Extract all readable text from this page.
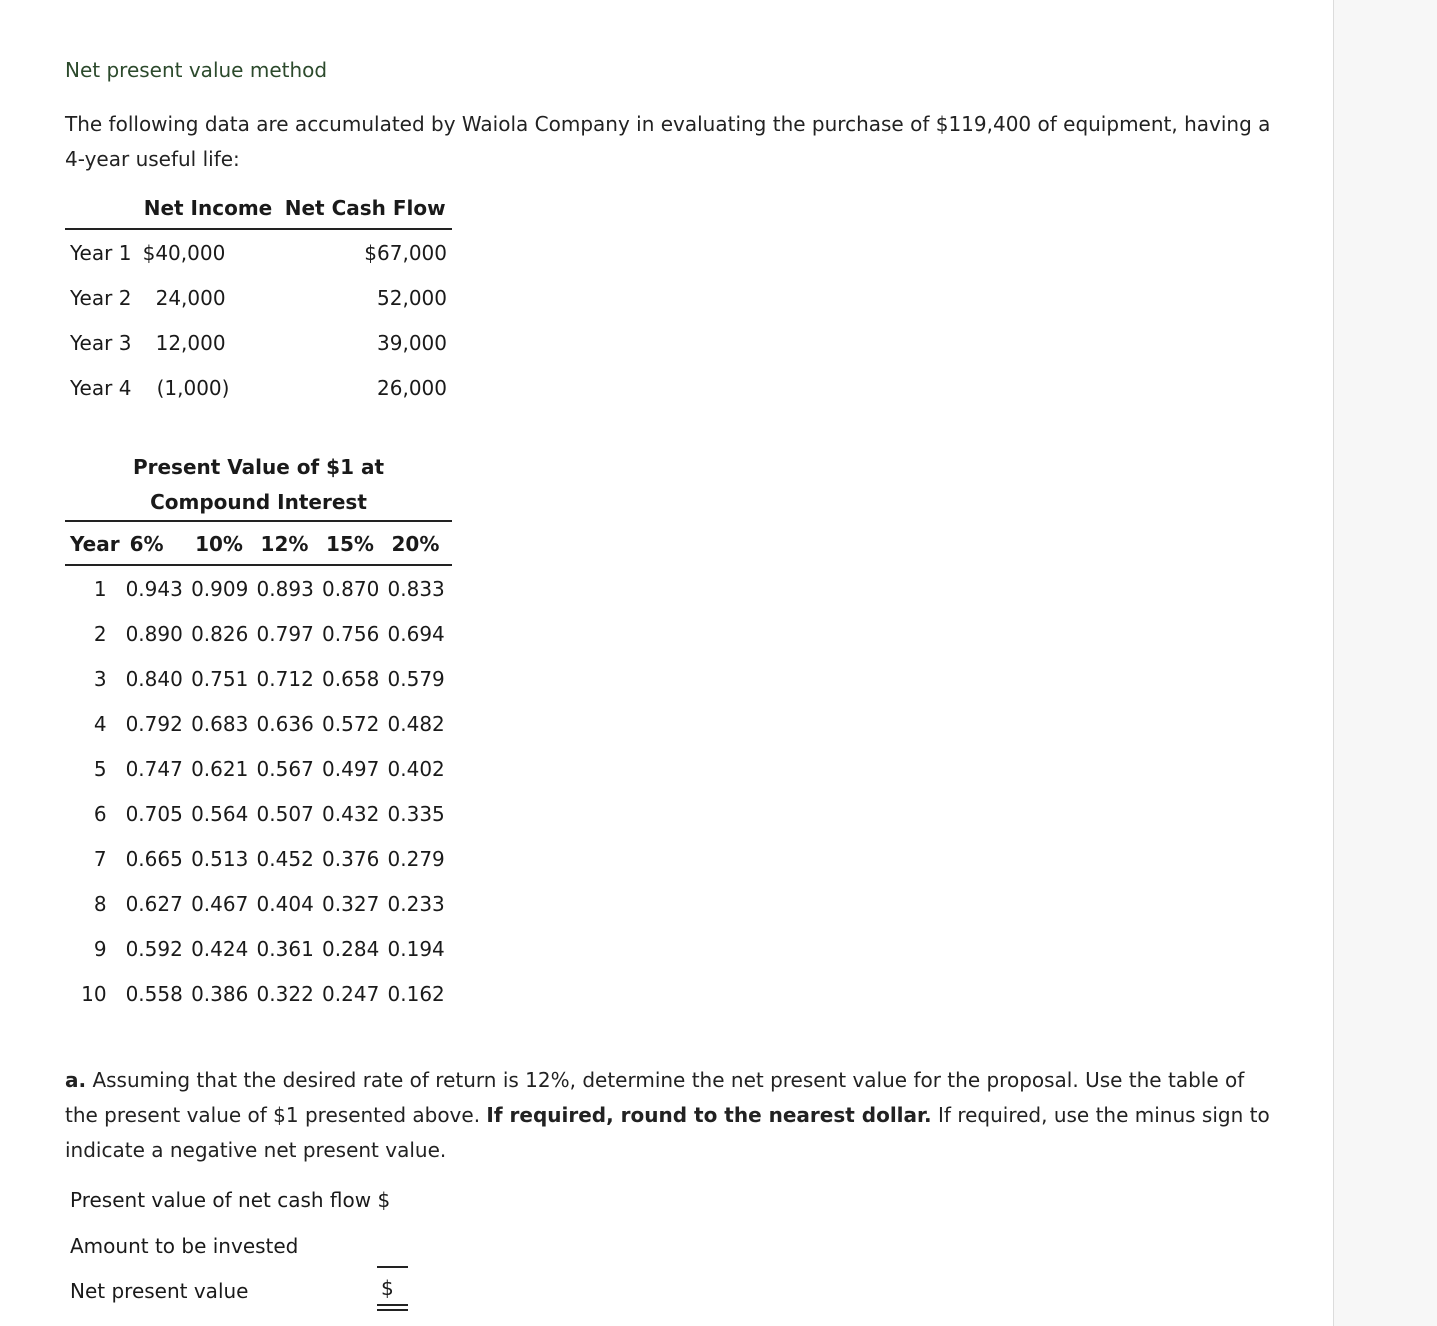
Net present value method
The following data are accumulated by Waiola Company in evaluating the purchase of $119,400 of equipment, having a 4-year useful life:
	Net Income	Net Cash Flow
Year 1	$40,000	$67,000
Year 2	24,000	52,000
Year 3	12,000	39,000
Year 4	(1,000)	26,000
Present Value of $1 at Compound Interest					
Year	6%	10%	12%	15%	20%
1	0.943	0.909	0.893	0.870	0.833
2	0.890	0.826	0.797	0.756	0.694
3	0.840	0.751	0.712	0.658	0.579
4	0.792	0.683	0.636	0.572	0.482
5	0.747	0.621	0.567	0.497	0.402
6	0.705	0.564	0.507	0.432	0.335
7	0.665	0.513	0.452	0.376	0.279
8	0.627	0.467	0.404	0.327	0.233
9	0.592	0.424	0.361	0.284	0.194
10	0.558	0.386	0.322	0.247	0.162
a. Assuming that the desired rate of return is 12%, determine the net present value for the proposal. Use the table of the present value of $1 presented above. If required, round to the nearest dollar. If required, use the minus sign to indicate a negative net present value.
Present value of net cash flow $
Amount to be invested
Net present value	$
